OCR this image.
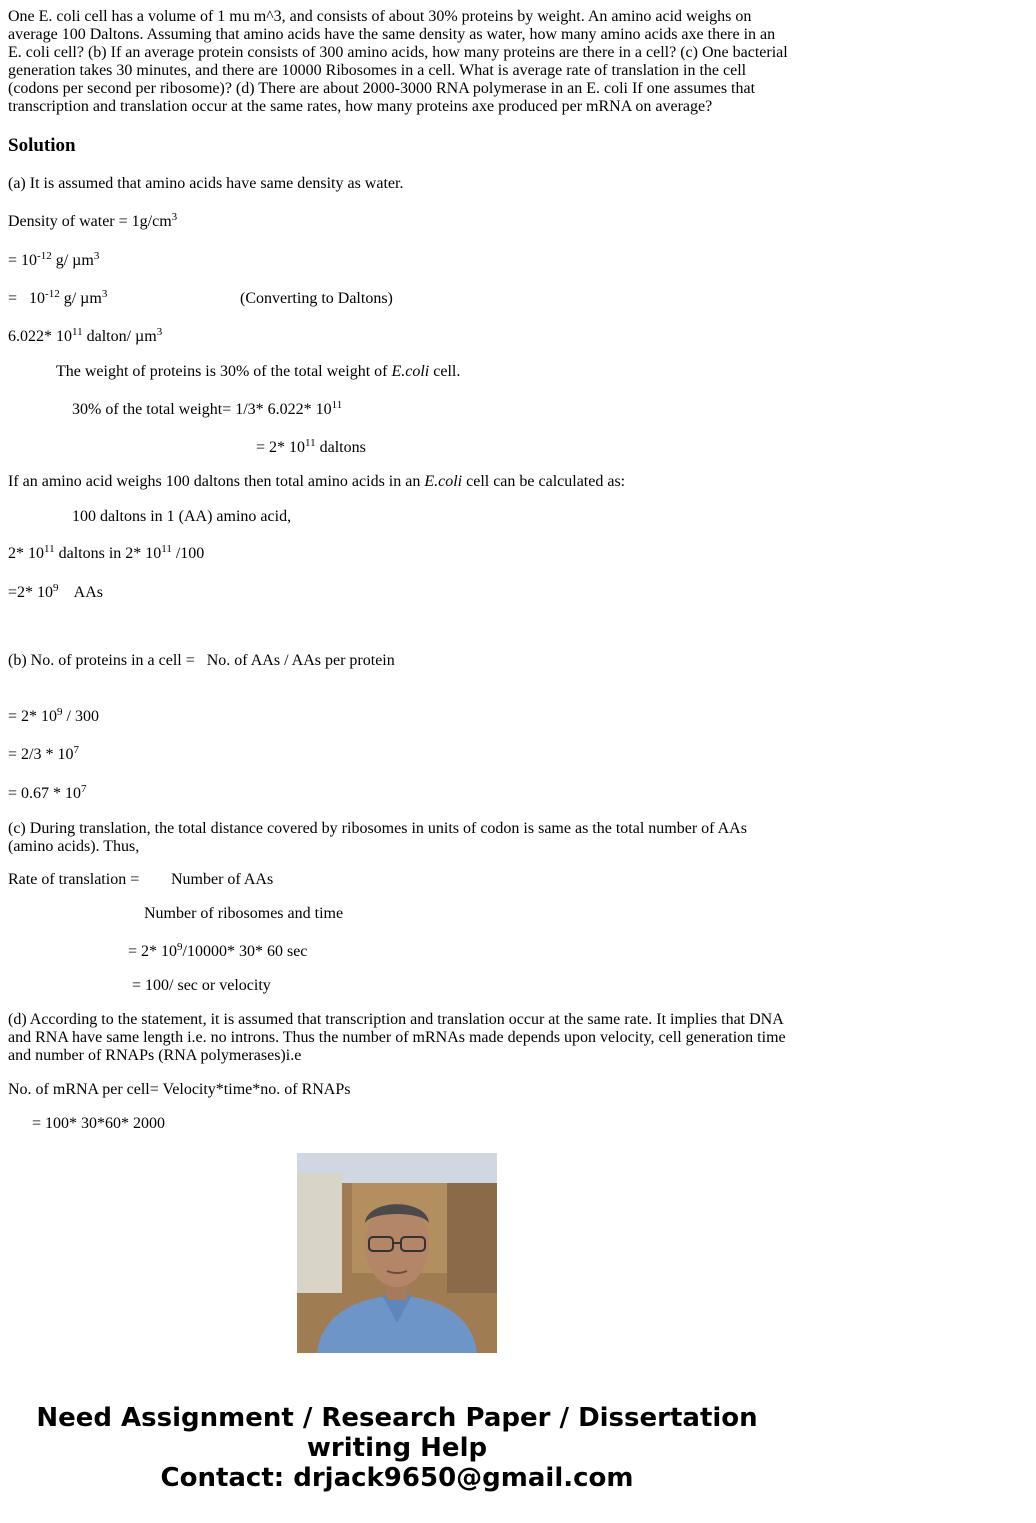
One E. coli cell has a volume of 1 mu m^3, and consists of about 30% proteins by weight. An amino acid weighs on average 100 Daltons. Assuming that amino acids have the same density as water, how many amino acids axe there in an E. coli cell? (b) If an average protein consists of 300 amino acids, how many proteins are there in a cell? (c) One bacterial generation takes 30 minutes, and there are 10000 Ribosomes in a cell. What is average rate of translation in the cell (codons per second per ribosome)? (d) There are about 2000-3000 RNA polymerase in an E. coli If one assumes that transcription and translation occur at the same rates, how many proteins axe produced per mRNA on average?

Solution

(a) It is assumed that amino acids have same density as water.

Density of water = $1g/cm^3$

= $10^{-12}$ g/ µm$^3$

=   $10^{-12}$ g/ µm$^3$	(Converting to Daltons)

6.022* $10^{11}$ dalton/ µm$^3$

The weight of proteins is 30% of the total weight of E.coli cell.

30% of the total weight= 1/3* 6.022* $10^{11}$

= 2* $10^{11}$ daltons

If an amino acid weighs 100 daltons then total amino acids in an E.coli cell can be calculated as:

100 daltons in 1 (AA) amino acid,

2* $10^{11}$ daltons in 2* $10^{11}$ /100

=2* $10^9$    AAs

(b) No. of proteins in a cell =   No. of AAs / AAs per protein

= 2* $10^9 / 300$

= $2/3 * 10^7$

= $0.67 * 10^7$

(c) During translation, the total distance covered by ribosomes in units of codon is same as the total number of AAs (amino acids). Thus,

Rate of translation = Number of AAs

Number of ribosomes and time

= 2* $10^9/10000*$ 30* 60 sec

= 100/ sec or velocity

(d) According to the statement, it is assumed that transcription and translation occur at the same rate. It implies that DNA and RNA have same length i.e. no introns. Thus the number of mRNAs made depends upon velocity, cell generation time and number of RNAPs (RNA polymerases)i.e

No. of mRNA per cell= Velocity*time*no. of RNAPs

= 100* 30*60* 2000

Need Assignment / Research Paper / Dissertation
writing Help
Contact: drjack9650@gmail.com
